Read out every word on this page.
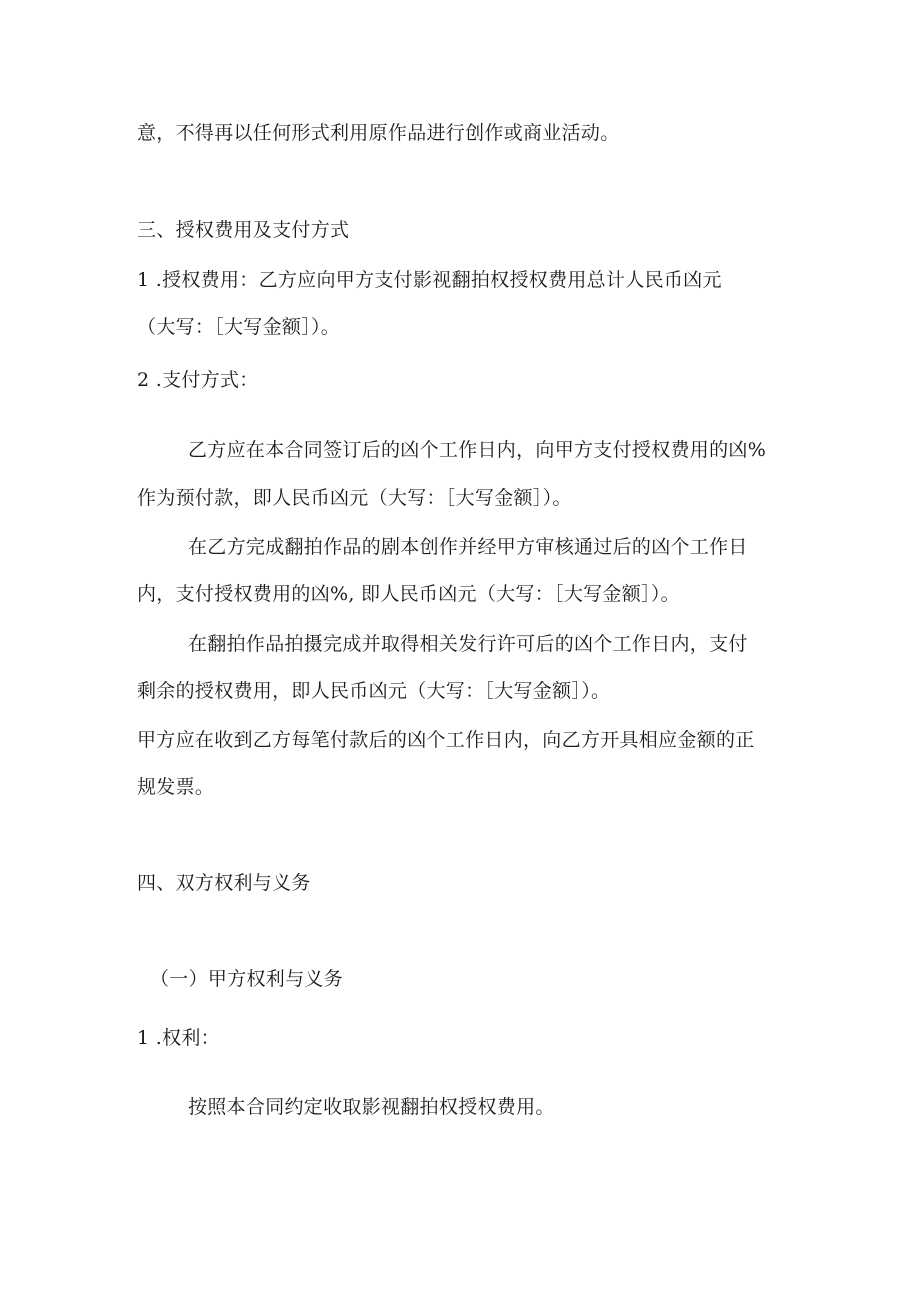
意，不得再以任何形式利用原作品进行创作或商业活动。
三、授权费用及支付方式
1 .授权费用：乙方应向甲方支付影视翻拍权授权费用总计人民币凶元
（大写：［大写金额］）。
2 .支付方式：
乙方应在本合同签订后的凶个工作日内，向甲方支付授权费用的凶%
作为预付款，即人民币凶元（大写：［大写金额］）。
在乙方完成翻拍作品的剧本创作并经甲方审核通过后的凶个工作日
内，支付授权费用的凶%, 即人民币凶元（大写：［大写金额］）。
在翻拍作品拍摄完成并取得相关发行许可后的凶个工作日内，支付
剩余的授权费用，即人民币凶元（大写：［大写金额］）。
甲方应在收到乙方每笔付款后的凶个工作日内，向乙方开具相应金额的正
规发票。
四、双方权利与义务
（一）甲方权利与义务
1 .权利：
按照本合同约定收取影视翻拍权授权费用。
